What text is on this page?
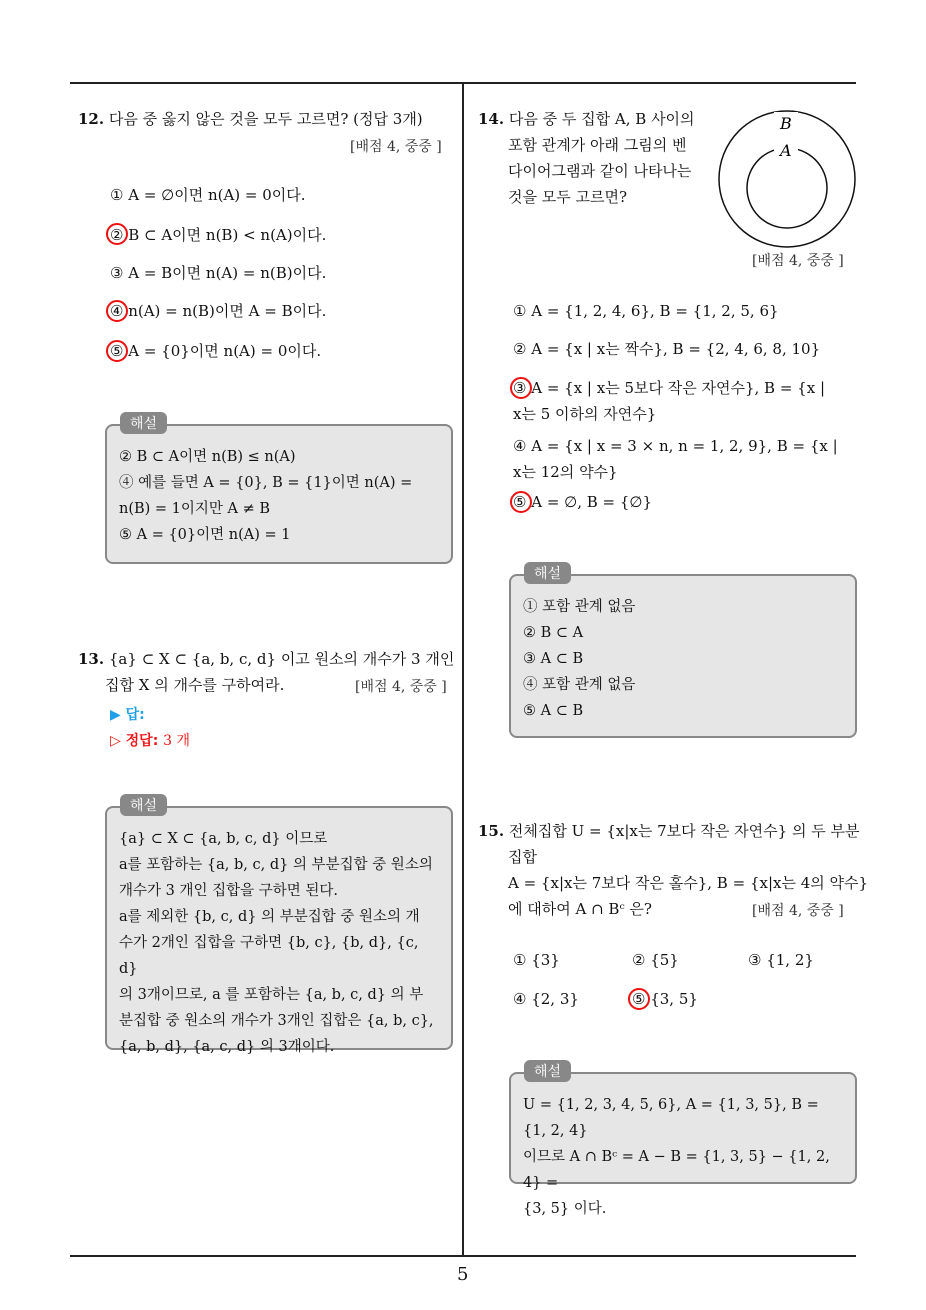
5
12. 다음 중 옳지 않은 것을 모두 고르면? (정답 3개)
[배점 4, 중중 ]
① A = ∅이면 n(A) = 0이다.
② B ⊂ A이면 n(B) < n(A)이다.
③ A = B이면 n(A) = n(B)이다.
④ n(A) = n(B)이면 A = B이다.
⑤ A = {0}이면 n(A) = 0이다.
② B ⊂ A이면 n(B) ≤ n(A)
④ 예를 들면 A = {0}, B = {1}이면 n(A) =
n(B) = 1이지만 A ≠ B
⑤ A = {0}이면 n(A) = 1
해설
13. {a} ⊂ X ⊂ {a, b, c, d} 이고 원소의 개수가 3 개인
집합 X 의 개수를 구하여라.	[배점 4, 중중 ]
▶ 답:
▷ 정답: 3 개
{a} ⊂ X ⊂ {a, b, c, d} 이므로
a를 포함하는 {a, b, c, d} 의 부분집합 중 원소의
개수가 3 개인 집합을 구하면 된다.
a를 제외한 {b, c, d} 의 부분집합 중 원소의 개
수가 2개인 집합을 구하면 {b, c}, {b, d}, {c, d}
의 3개이므로, a 를 포함하는 {a, b, c, d} 의 부
분집합 중 원소의 개수가 3개인 집합은 {a, b, c},
{a, b, d}, {a, c, d} 의 3개이다.
해설
14. 다음 중 두 집합 A, B 사이의
포함 관계가 아래 그림의 벤
다이어그램과 같이 나타나는
것을 모두 고르면?
B
A
[배점 4, 중중 ]
① A = {1, 2, 4, 6}, B = {1, 2, 5, 6}
② A = {x | x는 짝수}, B = {2, 4, 6, 8, 10}
③ A = {x | x는 5보다 작은 자연수}, B = {x | x는 5 이하의 자연수}
④ A = {x | x = 3 × n, n = 1, 2, 9}, B = {x | x는 12의 약수}
⑤ A = ∅, B = {∅}
① 포함 관계 없음
② B ⊂ A
③ A ⊂ B
④ 포함 관계 없음
⑤ A ⊂ B
해설
15. 전체집합 U = {x|x는 7보다 작은 자연수} 의 두 부분
집합
A = {x|x는 7보다 작은 홀수}, B = {x|x는 4의 약수}
에 대하여 A ∩ Bᶜ 은?	[배점 4, 중중 ]
① {3}	② {5}	③ {1, 2}
④ {2, 3}	⑤ {3, 5}
U = {1, 2, 3, 4, 5, 6}, A = {1, 3, 5}, B = {1, 2, 4}
이므로 A ∩ Bᶜ = A − B = {1, 3, 5} − {1, 2, 4} =
{3, 5} 이다.
해설
